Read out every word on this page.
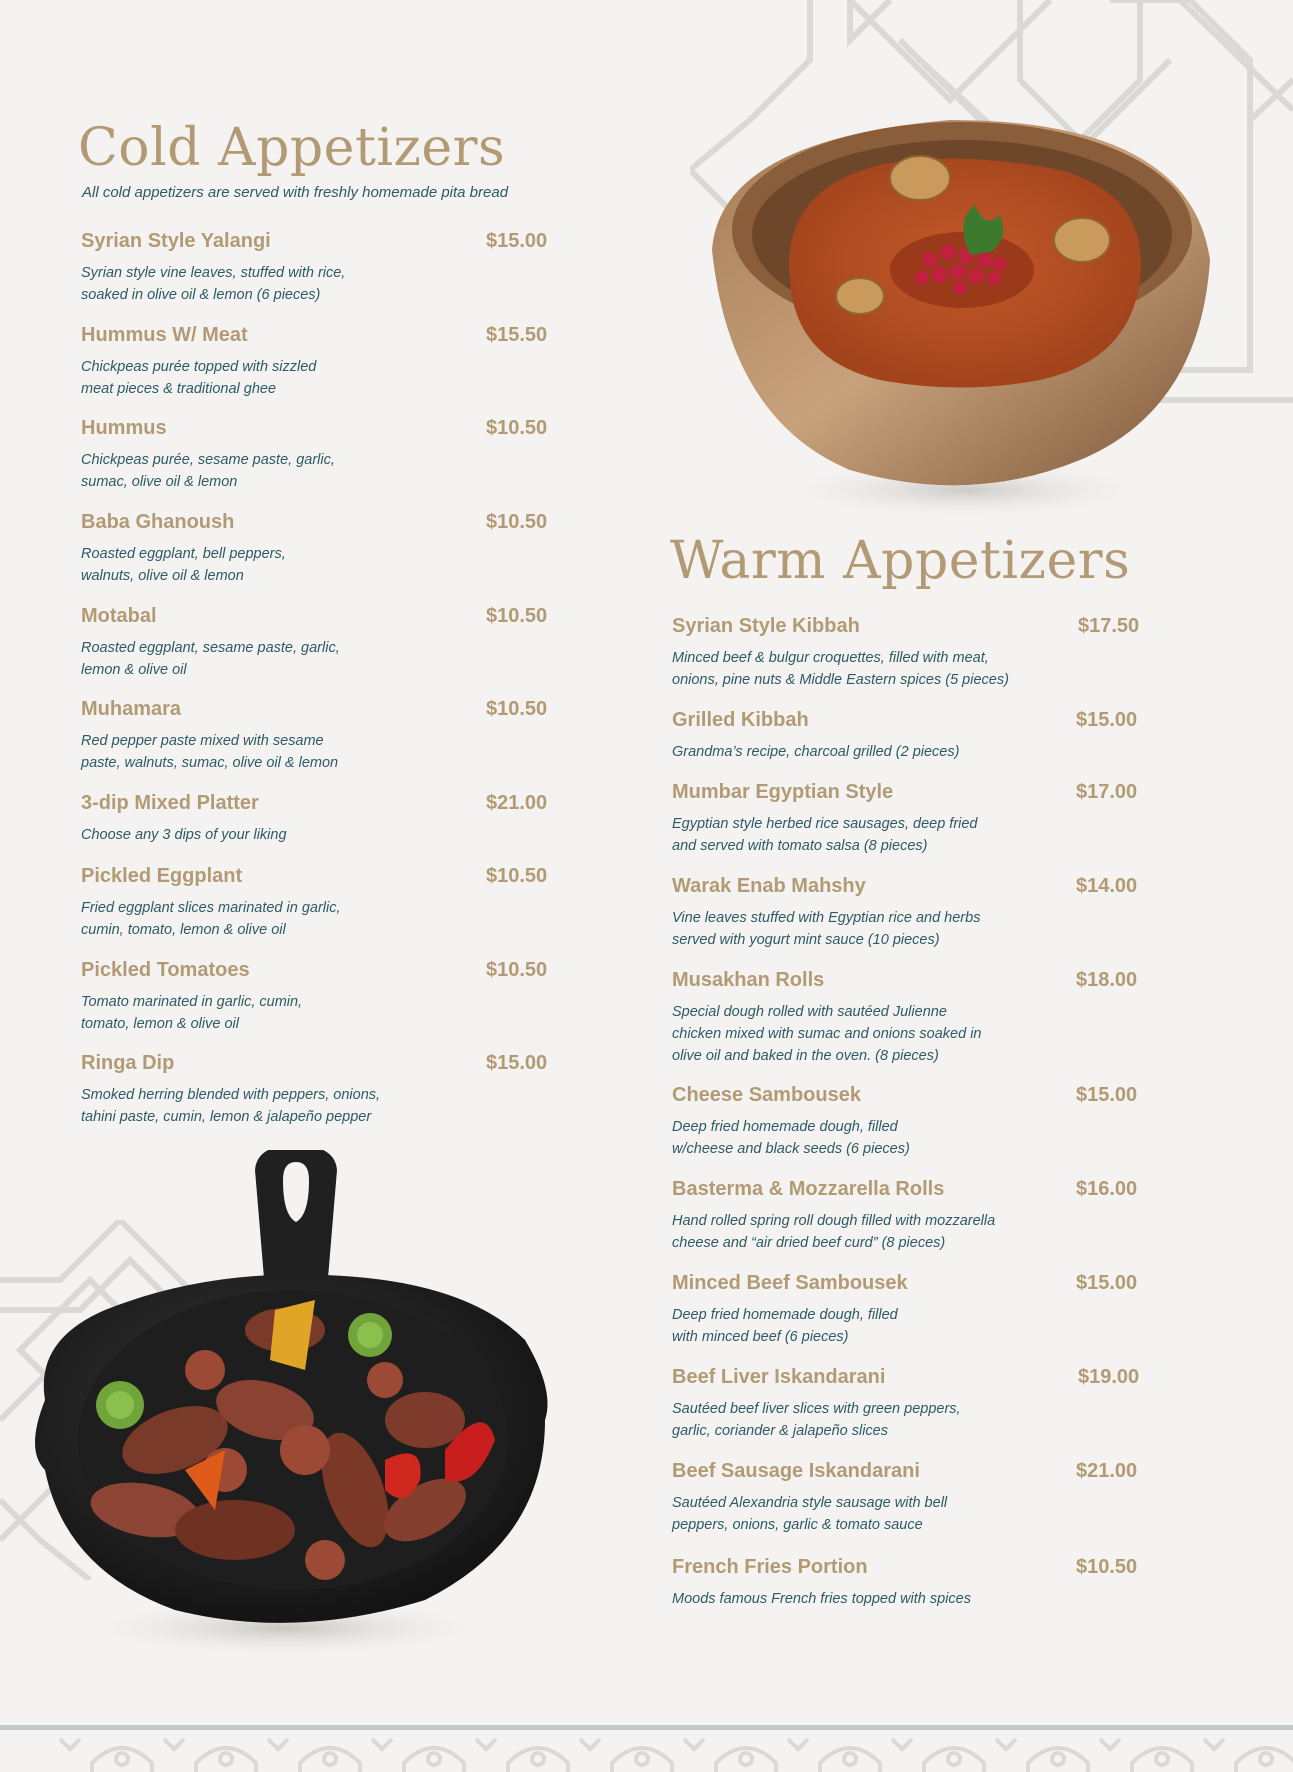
Cold Appetizers
All cold appetizers are served with freshly homemade pita bread
Syrian Style Yalangi	$15.00
Syrian style vine leaves, stuffed with rice,
soaked in olive oil & lemon (6 pieces)
Hummus W/ Meat	$15.50
Chickpeas purée topped with sizzled
meat pieces & traditional ghee
Hummus	$10.50
Chickpeas purée, sesame paste, garlic,
sumac, olive oil & lemon
Baba Ghanoush	$10.50
Roasted eggplant, bell peppers,
walnuts, olive oil & lemon
Motabal	$10.50
Roasted eggplant, sesame paste, garlic,
lemon & olive oil
Muhamara	$10.50
Red pepper paste mixed with sesame
paste, walnuts, sumac, olive oil & lemon
3-dip Mixed Platter	$21.00
Choose any 3 dips of your liking
Pickled Eggplant	$10.50
Fried eggplant slices marinated in garlic,
cumin, tomato, lemon & olive oil
Pickled Tomatoes	$10.50
Tomato marinated in garlic, cumin,
tomato, lemon & olive oil
Ringa Dip	$15.00
Smoked herring blended with peppers, onions,
tahini paste, cumin, lemon & jalapeño pepper
Warm Appetizers
Syrian Style Kibbah	$17.50
Minced beef & bulgur croquettes, filled with meat,
onions, pine nuts & Middle Eastern spices (5 pieces)
Grilled Kibbah	$15.00
Grandma’s recipe, charcoal grilled (2 pieces)
Mumbar Egyptian Style	$17.00
Egyptian style herbed rice sausages, deep fried
and served with tomato salsa (8 pieces)
Warak Enab Mahshy	$14.00
Vine leaves stuffed with Egyptian rice and herbs
served with yogurt mint sauce (10 pieces)
Musakhan Rolls	$18.00
Special dough rolled with sautéed Julienne
chicken mixed with sumac and onions soaked in
olive oil and baked in the oven. (8 pieces)
Cheese Sambousek	$15.00
Deep fried homemade dough, filled
w/cheese and black seeds (6 pieces)
Basterma & Mozzarella Rolls	$16.00
Hand rolled spring roll dough filled with mozzarella
cheese and “air dried beef curd” (8 pieces)
Minced Beef Sambousek	$15.00
Deep fried homemade dough, filled
with minced beef (6 pieces)
Beef Liver Iskandarani	$19.00
Sautéed beef liver slices with green peppers,
garlic, coriander & jalapeño slices
Beef Sausage Iskandarani	$21.00
Sautéed Alexandria style sausage with bell
peppers, onions, garlic & tomato sauce
French Fries Portion	$10.50
Moods famous French fries topped with spices
